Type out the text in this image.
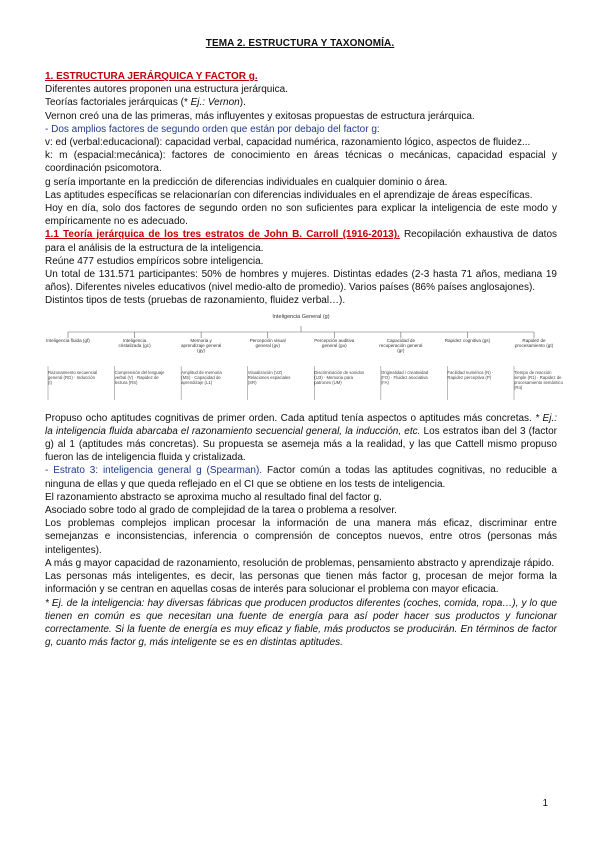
TEMA 2. ESTRUCTURA Y TAXONOMÍA.

1. ESTRUCTURA JERÁRQUICA Y FACTOR g.

Diferentes autores proponen una estructura jerárquica.

Teorías factoriales jerárquicas (* Ej.: Vernon).

Vernon creó una de las primeras, más influyentes y exitosas propuestas de estructura jerárquica.

- Dos amplios factores de segundo orden que están por debajo del factor g:

v: ed (verbal:educacional): capacidad verbal, capacidad numérica, razonamiento lógico, aspectos de fluidez...

k: m (espacial:mecánica): factores de conocimiento en áreas técnicas o mecánicas, capacidad espacial y coordinación psicomotora.

g sería importante en la predicción de diferencias individuales en cualquier dominio o área.

Las aptitudes específicas se relacionarían con diferencias individuales en el aprendizaje de áreas específicas.

Hoy en día, solo dos factores de segundo orden no son suficientes para explicar la inteligencia de este modo y empíricamente no es adecuado.

1.1 Teoría jerárquica de los tres estratos de John B. Carroll (1916-2013). Recopilación exhaustiva de datos para el análisis de la estructura de la inteligencia.

Reúne 477 estudios empíricos sobre inteligencia.

Un total de 131.571 participantes: 50% de hombres y mujeres. Distintas edades (2-3 hasta 71 años, mediana 19 años). Diferentes niveles educativos (nivel medio-alto de promedio). Varios países (86% países anglosajones).

Distintos tipos de tests (pruebas de razonamiento, fluidez verbal…).

Inteligencia General (g)
Inteligencia fluida (gf)
Razonamiento secuencial general (RG) · Inducción (I)
Inteligencia cristalizada (gc)
Comprensión del lenguaje verbal (V) · Rapidez de lectura (RS)
Memoria y aprendizaje general (gy)
Amplitud de memoria (MS) · Capacidad de aprendizaje (L1)
Percepción visual general (gv)
Visualización (VZ) · Relaciones espaciales (SR)
Percepción auditiva general (gu)
Discriminación de sonidos (U3) · Memoria para patrones (UM)
Capacidad de recuperación general (gr)
Originalidad / creatividad (FO) · Fluidez asociativa (FA)
Rapidez cognitiva (gs)
Facilidad numérica (N) · Rapidez perceptiva (P)
Rapidez de procesamiento (gt)
Tiempo de reacción simple (R1) · Rapidez de procesamiento semántico (R4)

Propuso ocho aptitudes cognitivas de primer orden. Cada aptitud tenía aspectos o aptitudes más concretas. * Ej.: la inteligencia fluida abarcaba el razonamiento secuencial general, la inducción, etc. Los estratos iban del 3 (factor g) al 1 (aptitudes más concretas). Su propuesta se asemeja más a la realidad, y las que Cattell mismo propuso fueron las de inteligencia fluida y cristalizada.

- Estrato 3: inteligencia general g (Spearman). Factor común a todas las aptitudes cognitivas, no reducible a ninguna de ellas y que queda reflejado en el CI que se obtiene en los tests de inteligencia.

El razonamiento abstracto se aproxima mucho al resultado final del factor g.

Asociado sobre todo al grado de complejidad de la tarea o problema a resolver.

Los problemas complejos implican procesar la información de una manera más eficaz, discriminar entre semejanzas e inconsistencias, inferencia o comprensión de conceptos nuevos, entre otros (personas más inteligentes).

A más g mayor capacidad de razonamiento, resolución de problemas, pensamiento abstracto y aprendizaje rápido.

Las personas más inteligentes, es decir, las personas que tienen más factor g, procesan de mejor forma la información y se centran en aquellas cosas de interés para solucionar el problema con mayor eficacia.

* Ej. de la inteligencia: hay diversas fábricas que producen productos diferentes (coches, comida, ropa…), y lo que tienen en común es que necesitan una fuente de energía para así poder hacer sus productos y funcionar correctamente. Si la fuente de energía es muy eficaz y fiable, más productos se producirán. En términos de factor g, cuanto más factor g, más inteligente se es en distintas aptitudes.

1
